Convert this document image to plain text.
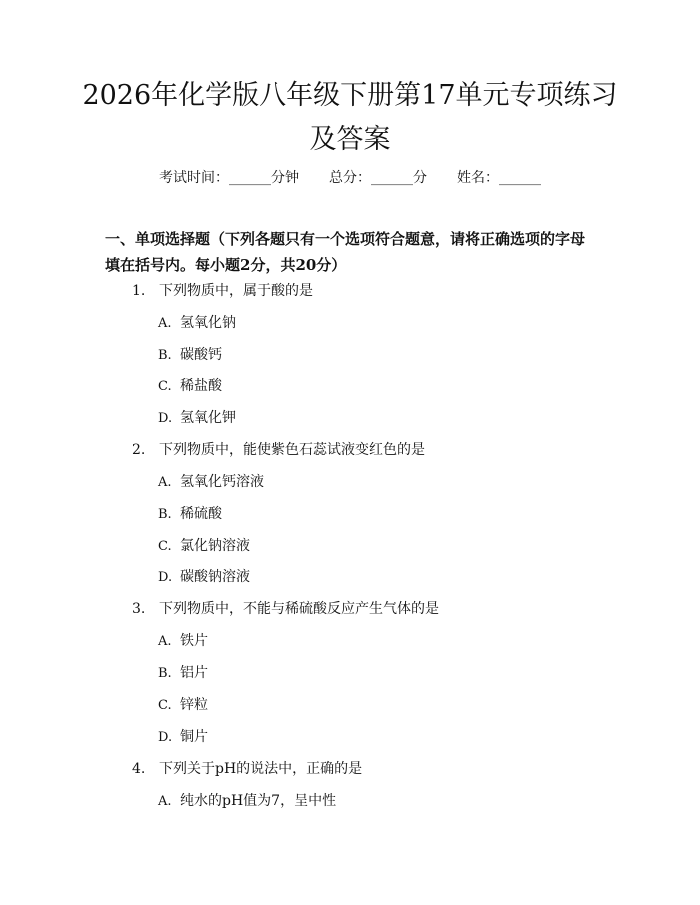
2026年化学版八年级下册第17单元专项练习及答案
考试时间：______分钟 总分：______分 姓名：______
一、单项选择题（下列各题只有一个选项符合题意，请将正确选项的字母填在括号内。每小题2分，共20分）
1. 下列物质中，属于酸的是
A. 氢氧化钠
B. 碳酸钙
C. 稀盐酸
D. 氢氧化钾
2. 下列物质中，能使紫色石蕊试液变红色的是
A. 氢氧化钙溶液
B. 稀硫酸
C. 氯化钠溶液
D. 碳酸钠溶液
3. 下列物质中，不能与稀硫酸反应产生气体的是
A. 铁片
B. 铝片
C. 锌粒
D. 铜片
4. 下列关于pH的说法中，正确的是
A. 纯水的pH值为7，呈中性
